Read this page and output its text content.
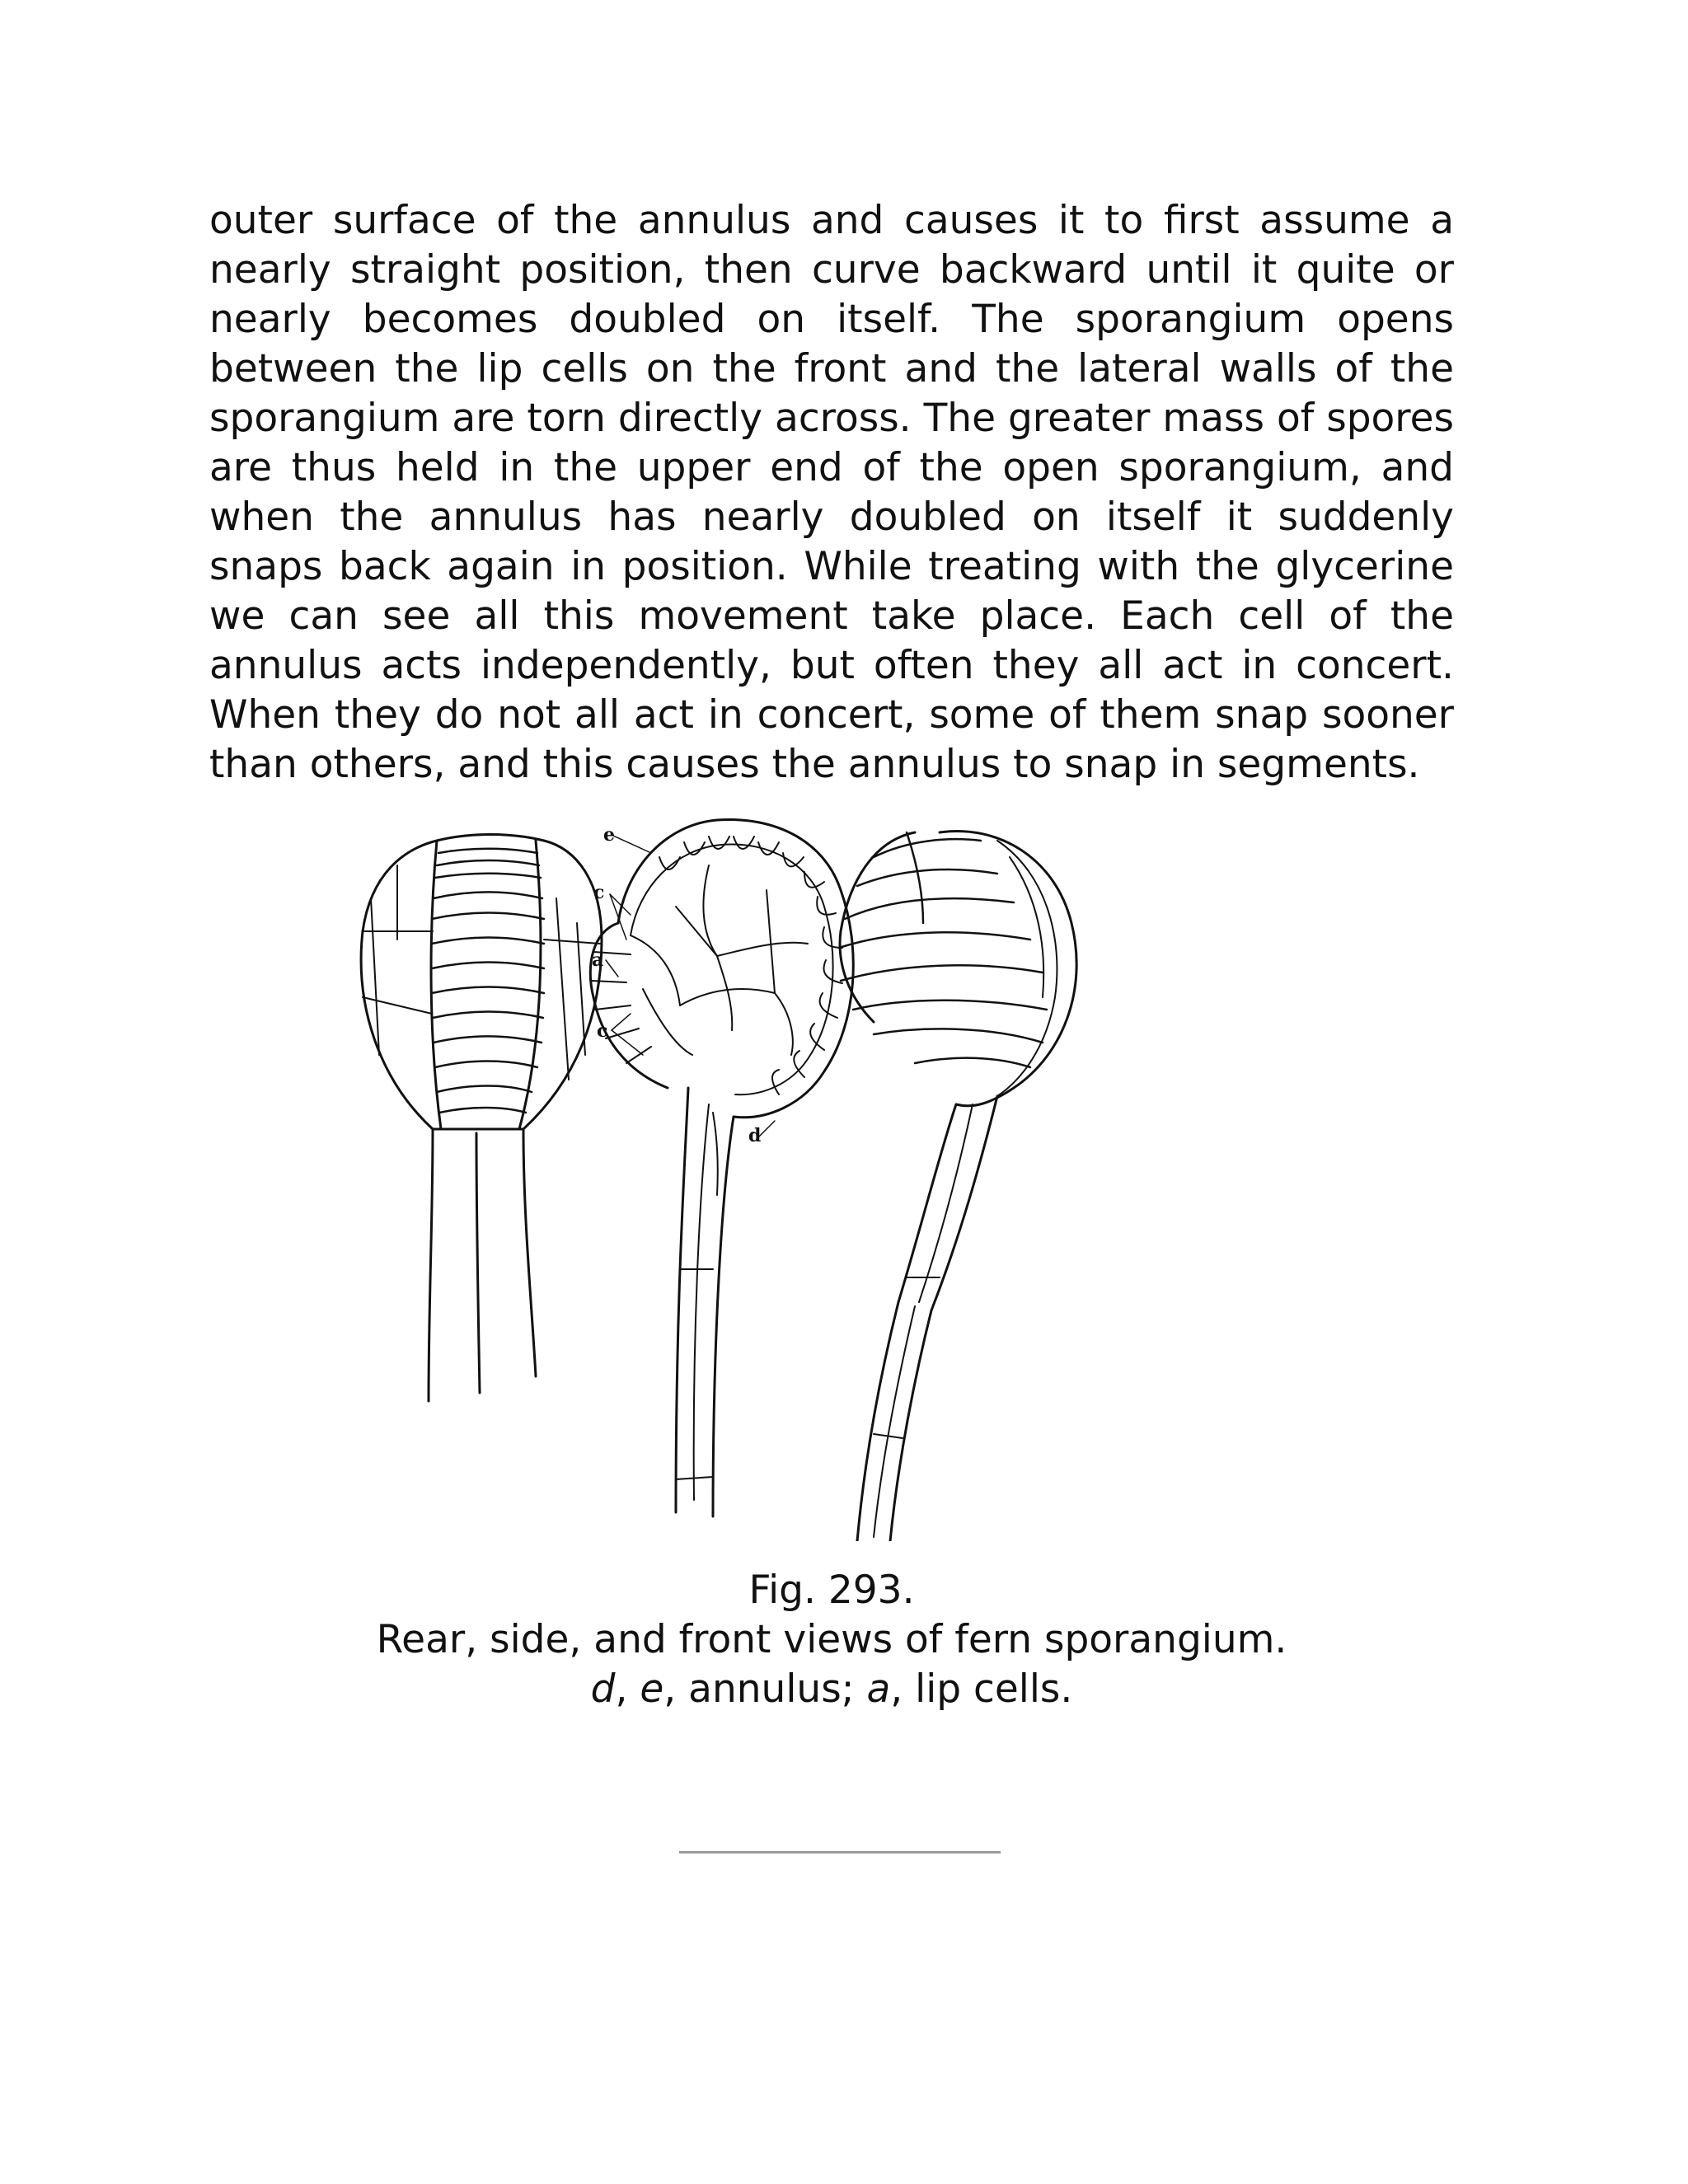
outer surface of the annulus and causes it to first assume a nearly straight position, then curve backward until it quite or nearly becomes doubled on itself. The sporangium opens between the lip cells on the front and the lateral walls of the sporangium are torn directly across. The greater mass of spores are thus held in the upper end of the open sporangium, and when the annulus has nearly doubled on itself it suddenly snaps back again in position. While treating with the glycerine we can see all this movement take place. Each cell of the annulus acts independently, but often they all act in concert. When they do not all act in concert, some of them snap sooner than others, and this causes the annulus to snap in segments.

e
c
a
c
d
Fig. 293.
Rear, side, and front views of fern sporangium.
d, e, annulus; a, lip cells.
